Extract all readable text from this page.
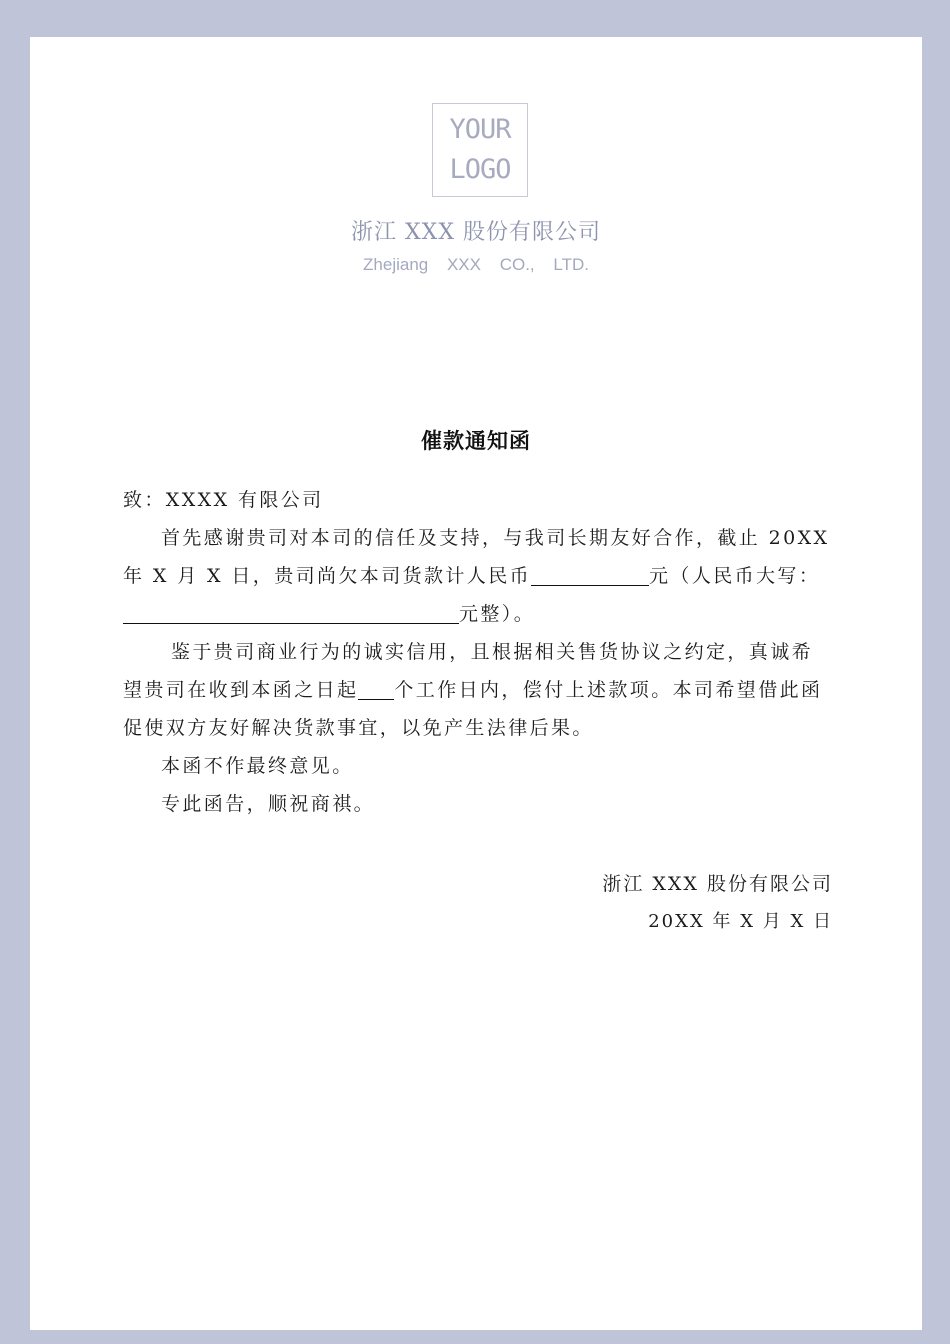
YOUR
LOGO
浙江 XXX 股份有限公司
Zhejiang XXX CO., LTD.
催款通知函

致：XXXX 有限公司

首先感谢贵司对本司的信任及支持，与我司长期友好合作，截止 20XX 年 X 月 X 日，贵司尚欠本司货款计人民币	元（人民币大写：元整）。

鉴于贵司商业行为的诚实信用，且根据相关售货协议之约定，真诚希望贵司在收到本函之日起 个工作日内，偿付上述款项。本司希望借此函促使双方友好解决货款事宜，以免产生法律后果。

本函不作最终意见。

专此函告，顺祝商祺。

浙江 XXX 股份有限公司
20XX 年 X 月 X 日
